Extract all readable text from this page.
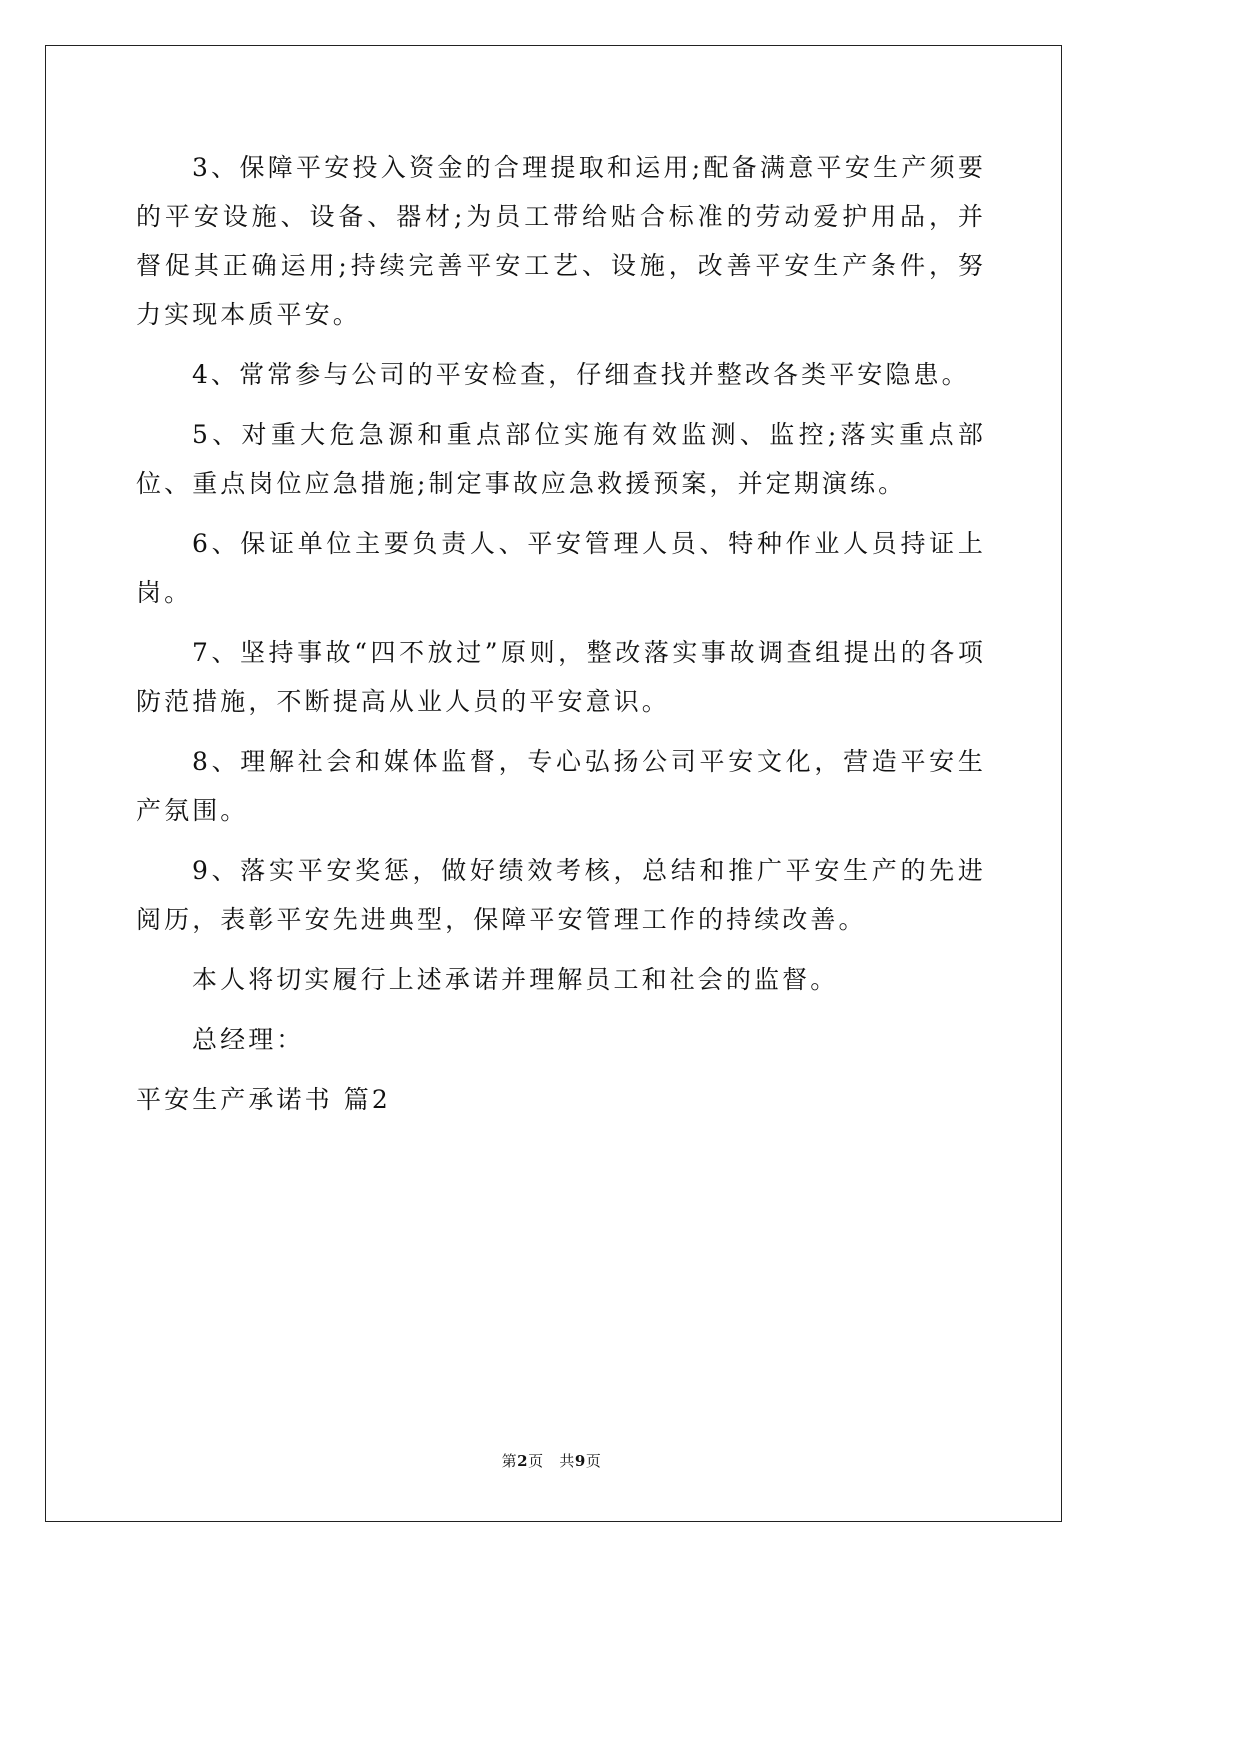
3、保障平安投入资金的合理提取和运用;配备满意平安生产须要的平安设施、设备、器材;为员工带给贴合标准的劳动爱护用品，并督促其正确运用;持续完善平安工艺、设施，改善平安生产条件，努力实现本质平安。

4、常常参与公司的平安检查，仔细查找并整改各类平安隐患。

5、对重大危急源和重点部位实施有效监测、监控;落实重点部位、重点岗位应急措施;制定事故应急救援预案，并定期演练。

6、保证单位主要负责人、平安管理人员、特种作业人员持证上岗。

7、坚持事故“四不放过”原则，整改落实事故调查组提出的各项防范措施，不断提高从业人员的平安意识。

8、理解社会和媒体监督，专心弘扬公司平安文化，营造平安生产氛围。

9、落实平安奖惩，做好绩效考核，总结和推广平安生产的先进阅历，表彰平安先进典型，保障平安管理工作的持续改善。

本人将切实履行上述承诺并理解员工和社会的监督。

总经理：

平安生产承诺书 篇2

第2页 共9页
